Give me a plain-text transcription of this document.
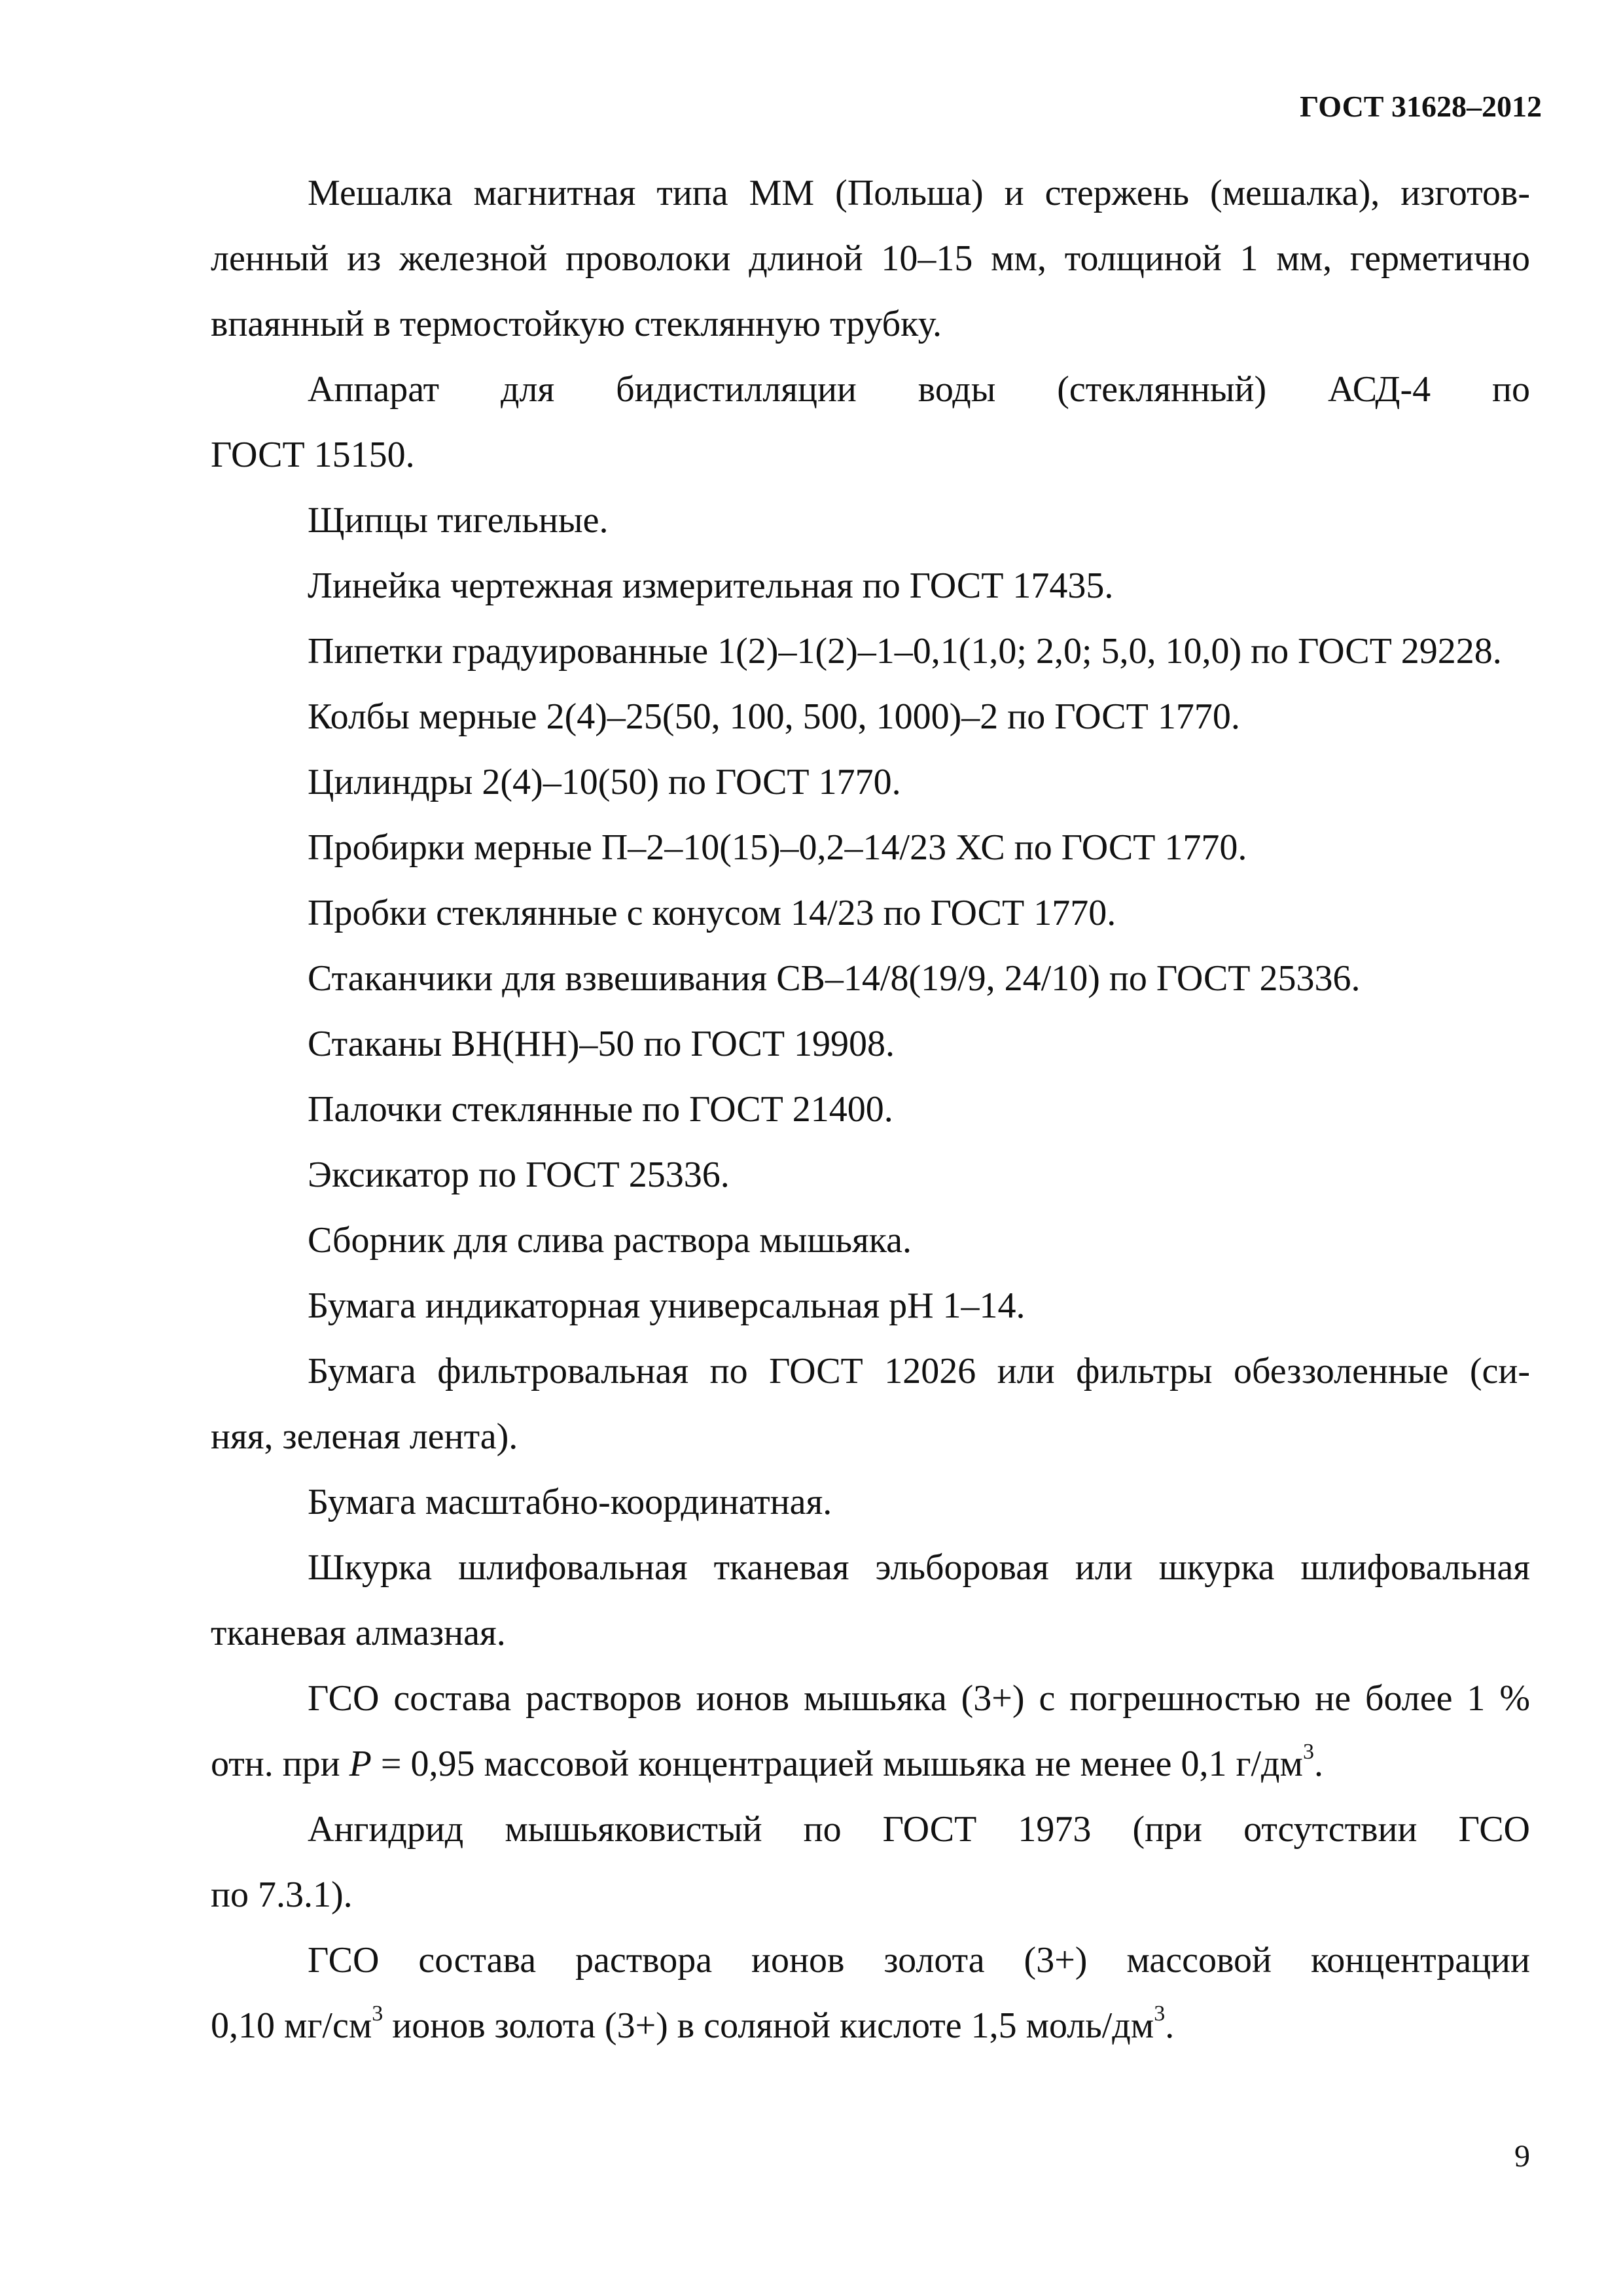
ГОСТ 31628–2012

Мешалка магнитная типа ММ (Польша) и стержень (мешалка), изготов-

ленный из железной проволоки длиной 10–15 мм, толщиной 1 мм, герметично

впаянный в термостойкую стеклянную трубку.

Аппарат для бидистилляции воды (стеклянный) АСД-4 по

ГОСТ 15150.

Щипцы тигельные.

Линейка чертежная измерительная по ГОСТ 17435.

Пипетки градуированные 1(2)–1(2)–1–0,1(1,0; 2,0; 5,0, 10,0) по ГОСТ 29228.

Колбы мерные 2(4)–25(50, 100, 500, 1000)–2 по ГОСТ 1770.

Цилиндры 2(4)–10(50) по ГОСТ 1770.

Пробирки мерные П–2–10(15)–0,2–14/23 ХС по ГОСТ 1770.

Пробки стеклянные с конусом 14/23 по ГОСТ 1770.

Стаканчики для взвешивания СВ–14/8(19/9, 24/10) по ГОСТ 25336.

Стаканы ВН(НН)–50 по ГОСТ 19908.

Палочки стеклянные по ГОСТ 21400.

Эксикатор по ГОСТ 25336.

Сборник для слива раствора мышьяка.

Бумага индикаторная универсальная рН 1–14.

Бумага фильтровальная по ГОСТ 12026 или фильтры обеззоленные (си-

няя, зеленая лента).

Бумага масштабно-координатная.

Шкурка шлифовальная тканевая эльборовая или шкурка шлифовальная

тканевая алмазная.

ГСО состава растворов ионов мышьяка (3+) с погрешностью не более 1 %

отн. при Р = 0,95 массовой концентрацией мышьяка не менее 0,1 $г/дм^3$.

Ангидрид мышьяковистый по ГОСТ 1973 (при отсутствии ГСО

по 7.3.1).

ГСО состава раствора ионов золота (3+) массовой концентрации

0,10 $мг/см^3$ ионов золота (3+) в соляной кислоте 1,5 моль/$дм^3$.

9
